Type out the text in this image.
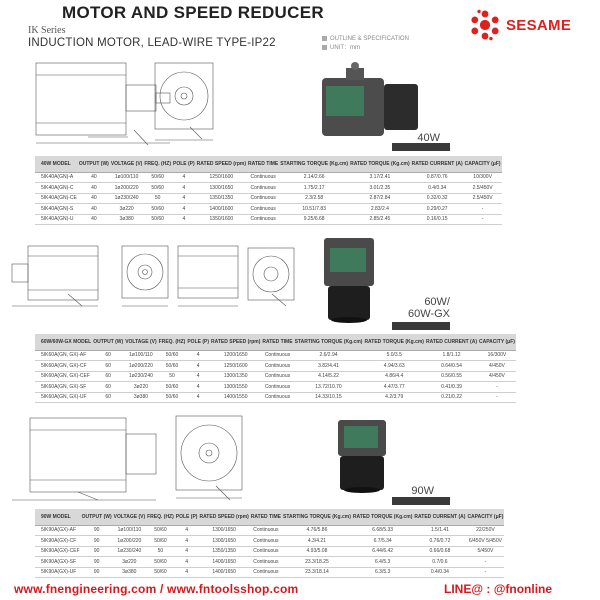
MOTOR AND SPEED REDUCER
SESAME
IK Series
INDUCTION MOTOR, LEAD-WIRE TYPE-IP22	OUTLINE & SPECIFICATION
UNIT：mm
40W
40W MODEL	OUTPUT (W)	VOLTAGE (V)	FREQ. (HZ)	POLE (P)	RATED SPEED (rpm)	RATED TIME	STARTING TORQUE (Kg.cm)	RATED TORQUE (Kg.cm)	RATED CURRENT (A)	CAPACITY (μF)
5IK40A(GN)-A	40	1ø100/110	50/60	4	1250/1600	Continuous	2.14/2.66	3.17/2.41	0.87/0.76	10/300V
5IK40A(GN)-C	40	1ø200/220	50/60	4	1300/1650	Continuous	1.75/2.17	3.01/2.35	0.4/0.34	2.5/450V
5IK40A(GN)-CE	40	1ø230/240	50	4	1350/1350	Continuous	2.3/2.58	2.87/2.84	0.32/0.32	2.5/450V
5IK40A(GN)-S	40	3ø220	50/60	4	1400/1600	Continuous	10.51/7.83	2.83/2.4	0.29/0.27	-
5IK40A(GN)-U	40	3ø380	50/60	4	1350/1600	Continuous	9.25/6.68	2.85/2.45	0.16/0.15	-
60W/
60W-GX
60W/60W-GX MODEL	OUTPUT (W)	VOLTAGE (V)	FREQ. (HZ)	POLE (P)	RATED SPEED (rpm)	RATED TIME	STARTING TORQUE (Kg.cm)	RATED TORQUE (Kg.cm)	RATED CURRENT (A)	CAPACITY (μF)
5IK60A(GN, GX)-AF	60	1ø100/110	50/60	4	1200/1650	Continuous	2.6/2.94	5.0/3.5	1.8/1.12	16/300V
5IK60A(GN, GX)-CF	60	1ø200/220	50/60	4	1250/1600	Continuous	3.82/4.41	4.94/3.63	0.64/0.54	4/450V
5IK60A(GN, GX)-CEF	60	1ø230/240	50	4	1300/1350	Continuous	4.14/5.22	4.86/4.4	0.56/0.55	4/450V
5IK60A(GN, GX)-SF	60	3ø220	50/60	4	1300/1550	Continuous	13.72/10.70	4.47/3.77	0.41/0.39	-
5IK60A(GN, GX)-UF	60	3ø380	50/60	4	1400/1550	Continuous	14.33/10.15	4.2/3.79	0.21/0.22	-
90W
90W MODEL	OUTPUT (W)	VOLTAGE (V)	FREQ. (HZ)	POLE (P)	RATED SPEED (rpm)	RATED TIME	STARTING TORQUE (Kg.cm)	RATED TORQUE (Kg.cm)	RATED CURRENT (A)	CAPACITY (μF)
5IK90A(GX)-AF	90	1ø100/110	50/60	4	1300/1650	Continuous	4.76/5.86	6.68/5.33	1.5/1.41	22/250V
5IK90A(GX)-CF	90	1ø200/220	50/60	4	1300/1650	Continuous	4.3/4.21	6.7/5.34	0.76/0.72	6/450V 5/450V
5IK90A(GX)-CEF	90	1ø230/240	50	4	1350/1350	Continuous	4.93/5.08	6.44/6.42	0.66/0.68	5/450V
5IK90A(GX)-SF	90	3ø220	50/60	4	1400/1650	Continuous	23.3/18.25	6.4/5.3	0.7/0.6	-
5IK90A(GX)-UF	90	3ø380	50/60	4	1400/1650	Continuous	23.3/18.14	6.3/5.3	0.4/0.34	-
www.fnengineering.com / www.fntoolsshop.com	LINE@ : @fnonline
